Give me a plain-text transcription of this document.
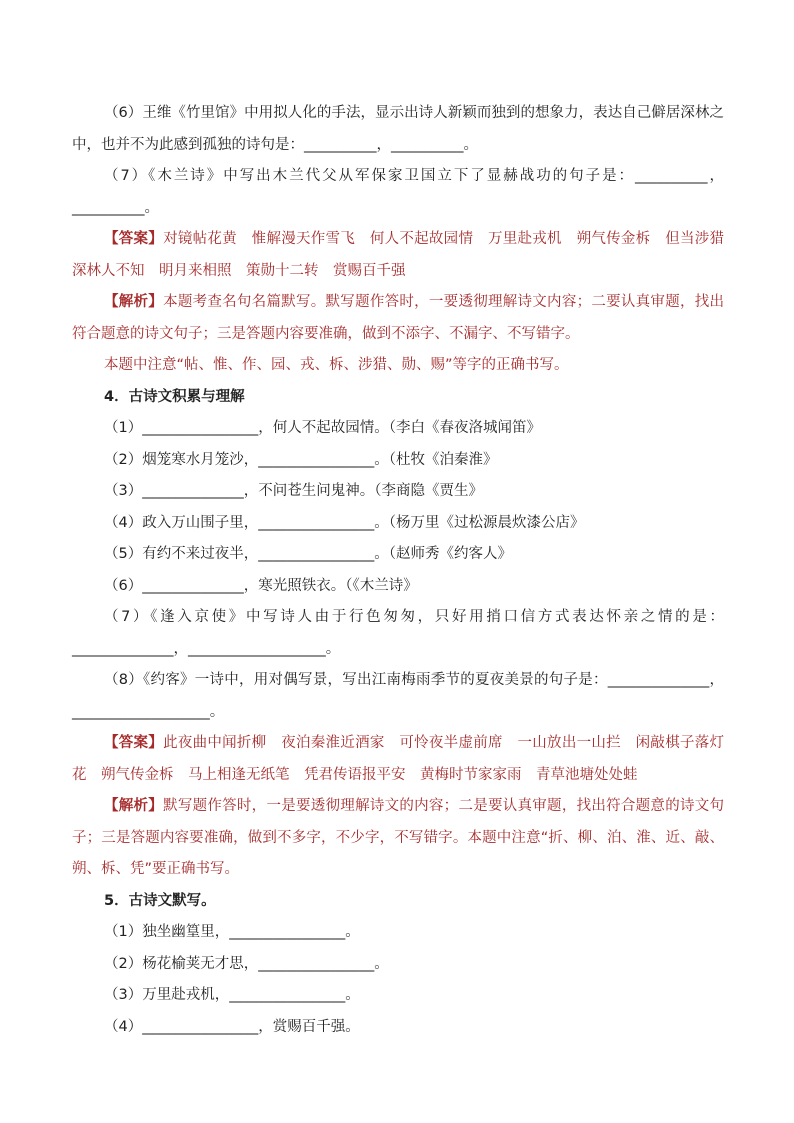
（6）王维《竹里馆》中用拟人化的手法，显示出诗人新颖而独到的想象力，表达自己僻居深林之中，也并不为此感到孤独的诗句是：__________，__________。

（7）《木兰诗》中写出木兰代父从军保家卫国立下了显赫战功的句子是：__________，__________。

【答案】对镜帖花黄　惟解漫天作雪飞　何人不起故园情　万里赴戎机　朔气传金柝　但当涉猎　深林人不知　明月来相照　策勋十二转　赏赐百千强

【解析】本题考查名句名篇默写。默写题作答时，一要透彻理解诗文内容；二要认真审题，找出符合题意的诗文句子；三是答题内容要准确，做到不添字、不漏字、不写错字。

本题中注意“帖、惟、作、园、戎、柝、涉猎、勋、赐”等字的正确书写。

4．古诗文积累与理解

（1）________________，何人不起故园情。（李白《春夜洛城闻笛》

（2）烟笼寒水月笼沙，________________。（杜牧《泊秦淮》

（3）______________，不问苍生问鬼神。（李商隐《贾生》

（4）政入万山围子里，________________。（杨万里《过松源晨炊漆公店》

（5）有约不来过夜半，________________。（赵师秀《约客人》

（6）______________，寒光照铁衣。（《木兰诗》

（7）《逢入京使》中写诗人由于行色匆匆，只好用捎口信方式表达怀亲之情的是：______________，___________________。

（8）《约客》一诗中，用对偶写景，写出江南梅雨季节的夏夜美景的句子是：______________，___________________。

【答案】此夜曲中闻折柳　夜泊秦淮近酒家　可怜夜半虚前席　一山放出一山拦　闲敲棋子落灯花　朔气传金柝　马上相逢无纸笔　凭君传语报平安　黄梅时节家家雨　青草池塘处处蛙

【解析】默写题作答时，一是要透彻理解诗文的内容；二是要认真审题，找出符合题意的诗文句子；三是答题内容要准确，做到不多字，不少字，不写错字。本题中注意“折、柳、泊、淮、近、敲、朔、柝、凭”要正确书写。

5．古诗文默写。

（1）独坐幽篁里，________________。

（2）杨花榆荚无才思，________________。

（3）万里赴戎机，________________。

（4）________________，赏赐百千强。
